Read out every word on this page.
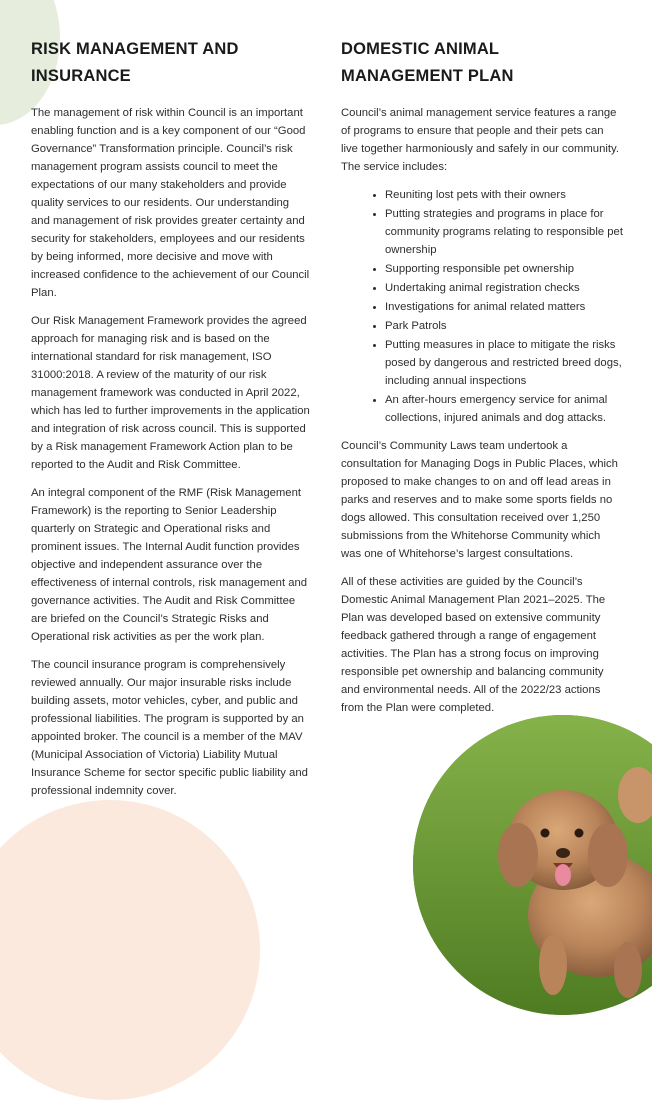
RISK MANAGEMENT AND INSURANCE

The management of risk within Council is an important enabling function and is a key component of our “Good Governance” Transformation principle. Council’s risk management program assists council to meet the expectations of our many stakeholders and provide quality services to our residents. Our understanding and management of risk provides greater certainty and security for stakeholders, employees and our residents by being informed, more decisive and move with increased confidence to the achievement of our Council Plan.

Our Risk Management Framework provides the agreed approach for managing risk and is based on the international standard for risk management, ISO 31000:2018. A review of the maturity of our risk management framework was conducted in April 2022, which has led to further improvements in the application and integration of risk across council. This is supported by a Risk management Framework Action plan to be reported to the Audit and Risk Committee.

An integral component of the RMF (Risk Management Framework) is the reporting to Senior Leadership quarterly on Strategic and Operational risks and prominent issues. The Internal Audit function provides objective and independent assurance over the effectiveness of internal controls, risk management and governance activities. The Audit and Risk Committee are briefed on the Council’s Strategic Risks and Operational risk activities as per the work plan.

The council insurance program is comprehensively reviewed annually. Our major insurable risks include building assets, motor vehicles, cyber, and public and professional liabilities. The program is supported by an appointed broker. The council is a member of the MAV (Municipal Association of Victoria) Liability Mutual Insurance Scheme for sector specific public liability and professional indemnity cover.

DOMESTIC ANIMAL MANAGEMENT PLAN

Council’s animal management service features a range of programs to ensure that people and their pets can live together harmoniously and safely in our community. The service includes:

• Reuniting lost pets with their owners
• Putting strategies and programs in place for community programs relating to responsible pet ownership
• Supporting responsible pet ownership
• Undertaking animal registration checks
• Investigations for animal related matters
• Park Patrols
• Putting measures in place to mitigate the risks posed by dangerous and restricted breed dogs, including annual inspections
• An after-hours emergency service for animal collections, injured animals and dog attacks.

Council’s Community Laws team undertook a consultation for Managing Dogs in Public Places, which proposed to make changes to on and off lead areas in parks and reserves and to make some sports fields no dogs allowed. This consultation received over 1,250 submissions from the Whitehorse Community which was one of Whitehorse’s largest consultations.

All of these activities are guided by the Council’s Domestic Animal Management Plan 2021–2025. The Plan was developed based on extensive community feedback gathered through a range of engagement activities. The Plan has a strong focus on improving responsible pet ownership and balancing community and environmental needs. All of the 2022/23 actions from the Plan were completed.
